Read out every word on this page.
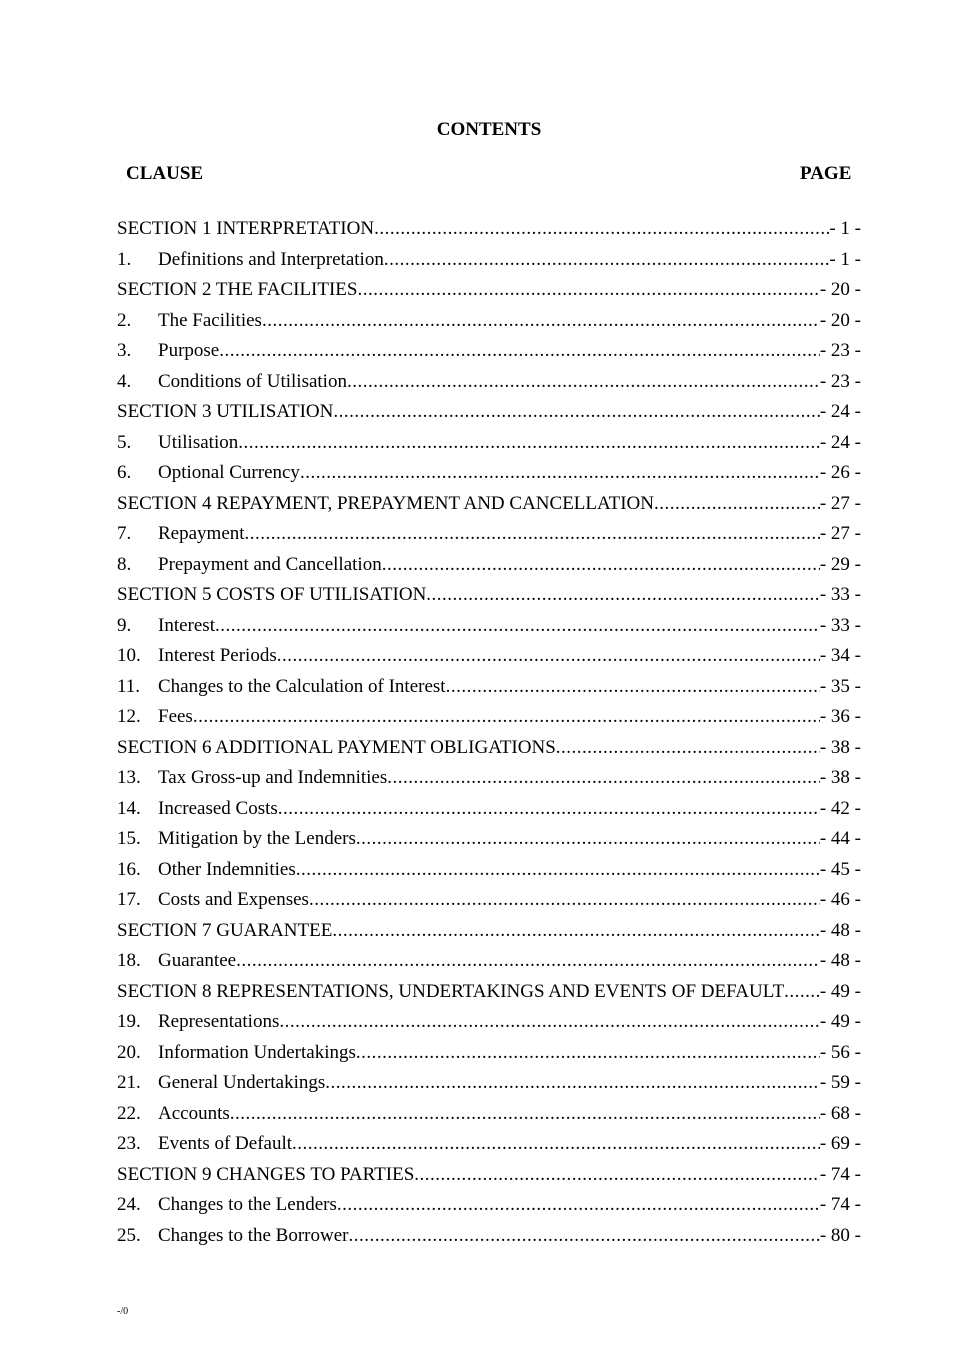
CONTENTS
CLAUSE	PAGE
SECTION 1 INTERPRETATION .....	- 1 -
1.	Definitions and Interpretation .....	- 1 -
SECTION 2 THE FACILITIES .....	- 20 -
2.	The Facilities .....	- 20 -
3.	Purpose .....	- 23 -
4.	Conditions of Utilisation .....	- 23 -
SECTION 3 UTILISATION .....	- 24 -
5.	Utilisation .....	- 24 -
6.	Optional Currency .....	- 26 -
SECTION 4 REPAYMENT, PREPAYMENT AND CANCELLATION .....	- 27 -
7.	Repayment .....	- 27 -
8.	Prepayment and Cancellation .....	- 29 -
SECTION 5 COSTS OF UTILISATION .....	- 33 -
9.	Interest .....	- 33 -
10. Interest Periods .....	- 34 -
11. Changes to the Calculation of Interest .....	- 35 -
12. Fees .....	- 36 -
SECTION 6 ADDITIONAL PAYMENT OBLIGATIONS .....	- 38 -
13. Tax Gross-up and Indemnities .....	- 38 -
14. Increased Costs .....	- 42 -
15. Mitigation by the Lenders .....	- 44 -
16. Other Indemnities .....	- 45 -
17. Costs and Expenses .....	- 46 -
SECTION 7 GUARANTEE .....	- 48 -
18. Guarantee .....	- 48 -
SECTION 8 REPRESENTATIONS, UNDERTAKINGS AND EVENTS OF DEFAULT ..... - 49 -
19. Representations .....	- 49 -
20. Information Undertakings .....	- 56 -
21. General Undertakings .....	- 59 -
22. Accounts .....	- 68 -
23. Events of Default .....	- 69 -
SECTION 9 CHANGES TO PARTIES .....	- 74 -
24. Changes to the Lenders .....	- 74 -
25. Changes to the Borrower .....	- 80 -
-/0
